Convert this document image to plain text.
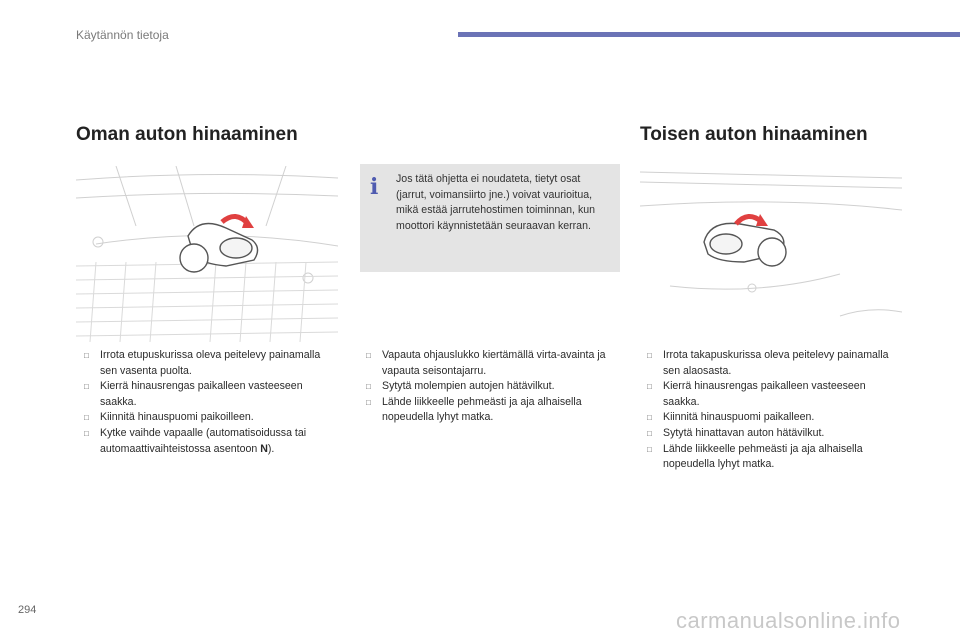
Käytännön tietoja
Oman auton hinaaminen	Toisen auton hinaaminen
i Jos tätä ohjetta ei noudateta, tietyt osat (jarrut, voimansiirto jne.) voivat vaurioitua, mikä estää jarrutehostimen toiminnan, kun moottori käynnistetään seuraavan kerran.
□ Irrota etupuskurissa oleva peitelevy painamalla sen vasenta puolta.
□ Kierrä hinausrengas paikalleen vasteeseen saakka.
□ Kiinnitä hinauspuomi paikoilleen.
□ Kytke vaihde vapaalle (automatisoidussa tai automaattivaihteistossa asentoon N).
□ Vapauta ohjauslukko kiertämällä virta-avainta ja vapauta seisontajarru.
□ Sytytä molempien autojen hätävilkut.
□ Lähde liikkeelle pehmeästi ja aja alhaisella nopeudella lyhyt matka.
□ Irrota takapuskurissa oleva peitelevy painamalla sen alaosasta.
□ Kierrä hinausrengas paikalleen vasteeseen saakka.
□ Kiinnitä hinauspuomi paikalleen.
□ Sytytä hinattavan auton hätävilkut.
□ Lähde liikkeelle pehmeästi ja aja alhaisella nopeudella lyhyt matka.
294	carmanualsonline.info
